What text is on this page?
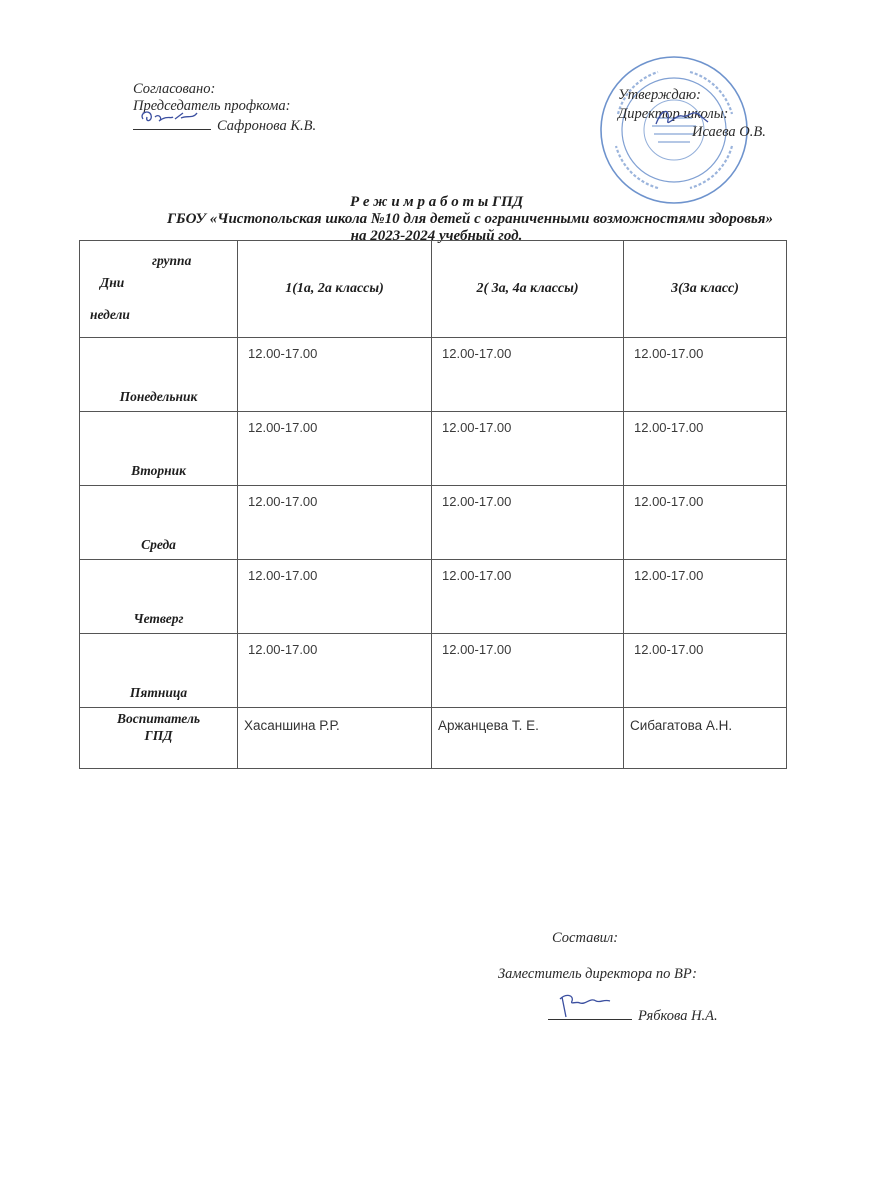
Согласовано:
Председатель профкома:
Сафронова К.В.
Утверждаю:
Директор школы:
Исаева О.В.
Р е ж и м р а б о т ы ГПД
ГБОУ «Чистопольская школа №10 для детей с ограниченными возможностями здоровья»
на 2023-2024 учебный год.
группа
Дни
недели	1(1а, 2а классы)	2( 3а, 4а классы)	3(3а класс)

Понедельник	12.00-17.00	12.00-17.00	12.00-17.00

Вторник	12.00-17.00	12.00-17.00	12.00-17.00

Среда	12.00-17.00	12.00-17.00	12.00-17.00

Четверг	12.00-17.00	12.00-17.00	12.00-17.00

Пятница	12.00-17.00	12.00-17.00	12.00-17.00

Воспитатель
ГПД	Хасаншина Р.Р.	Аржанцева Т. Е.	Сибагатова А.Н.
Составил:
Заместитель директора по ВР:
Рябкова Н.А.
